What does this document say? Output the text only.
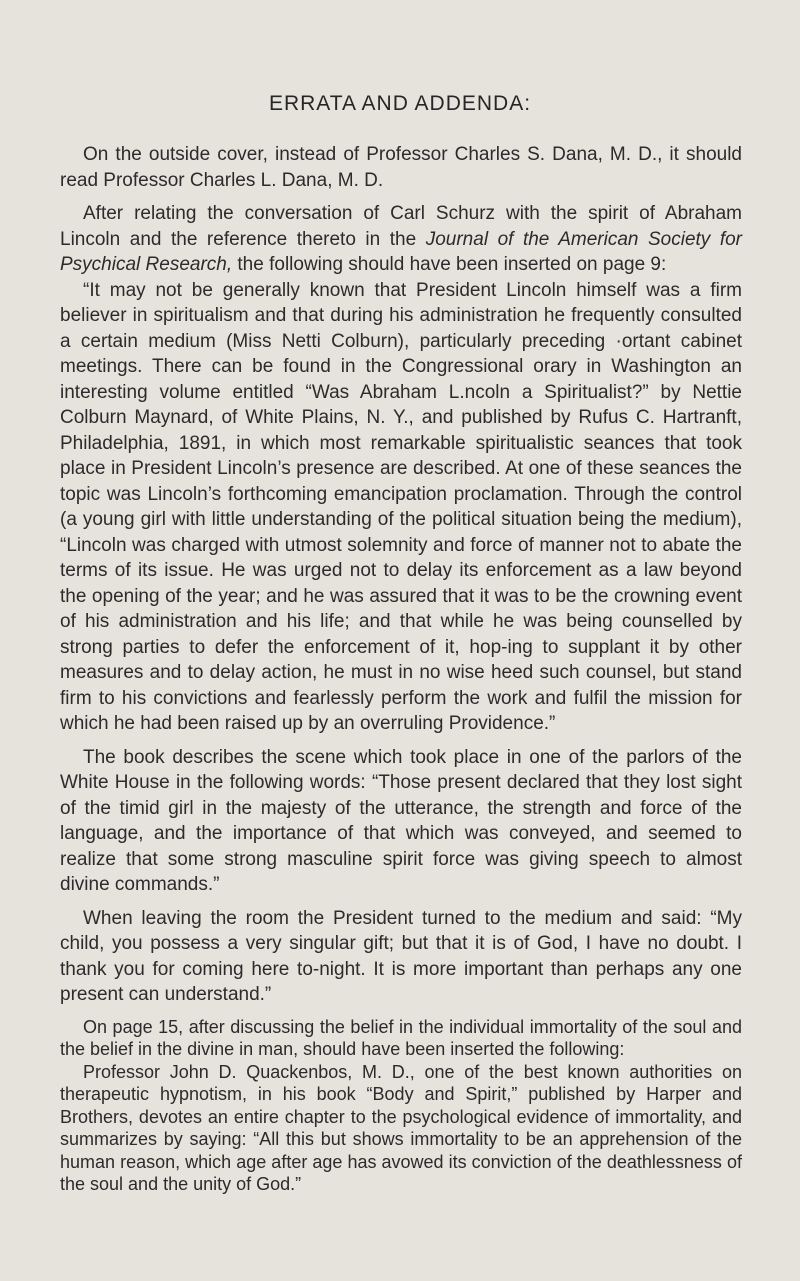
ERRATA AND ADDENDA:

On the outside cover, instead of Professor Charles S. Dana, M. D., it should read Professor Charles L. Dana, M. D.

After relating the conversation of Carl Schurz with the spirit of Abraham Lincoln and the reference thereto in the Journal of the American Society for Psychical Research, the following should have been inserted on page 9:

“It may not be generally known that President Lincoln himself was a firm believer in spiritualism and that during his administration he frequently consulted a certain medium (Miss Netti Colburn), particularly preceding ·ortant cabinet meetings. There can be found in the Congressional orary in Washington an interesting volume entitled “Was Abraham L.ncoln a Spiritualist?” by Nettie Colburn Maynard, of White Plains, N. Y., and published by Rufus C. Hartranft, Philadelphia, 1891, in which most remarkable spiritualistic seances that took place in President Lincoln’s presence are described. At one of these seances the topic was Lincoln’s forthcoming emancipation proclamation. Through the control (a young girl with little understanding of the political situation being the medium), “Lincoln was charged with utmost solemnity and force of manner not to abate the terms of its issue. He was urged not to delay its enforcement as a law beyond the opening of the year; and he was assured that it was to be the crowning event of his administration and his life; and that while he was being counselled by strong parties to defer the enforcement of it, hop-ing to supplant it by other measures and to delay action, he must in no wise heed such counsel, but stand firm to his convictions and fearlessly perform the work and fulfil the mission for which he had been raised up by an overruling Providence.”

The book describes the scene which took place in one of the parlors of the White House in the following words: “Those present declared that they lost sight of the timid girl in the majesty of the utterance, the strength and force of the language, and the importance of that which was conveyed, and seemed to realize that some strong masculine spirit force was giving speech to almost divine commands.”

When leaving the room the President turned to the medium and said: “My child, you possess a very singular gift; but that it is of God, I have no doubt. I thank you for coming here to-night. It is more important than perhaps any one present can understand.”

On page 15, after discussing the belief in the individual immortality of the soul and the belief in the divine in man, should have been inserted the following:

Professor John D. Quackenbos, M. D., one of the best known authorities on therapeutic hypnotism, in his book “Body and Spirit,” published by Harper and Brothers, devotes an entire chapter to the psychological evidence of immortality, and summarizes by saying: “All this but shows immortality to be an apprehension of the human reason, which age after age has avowed its conviction of the deathlessness of the soul and the unity of God.”
